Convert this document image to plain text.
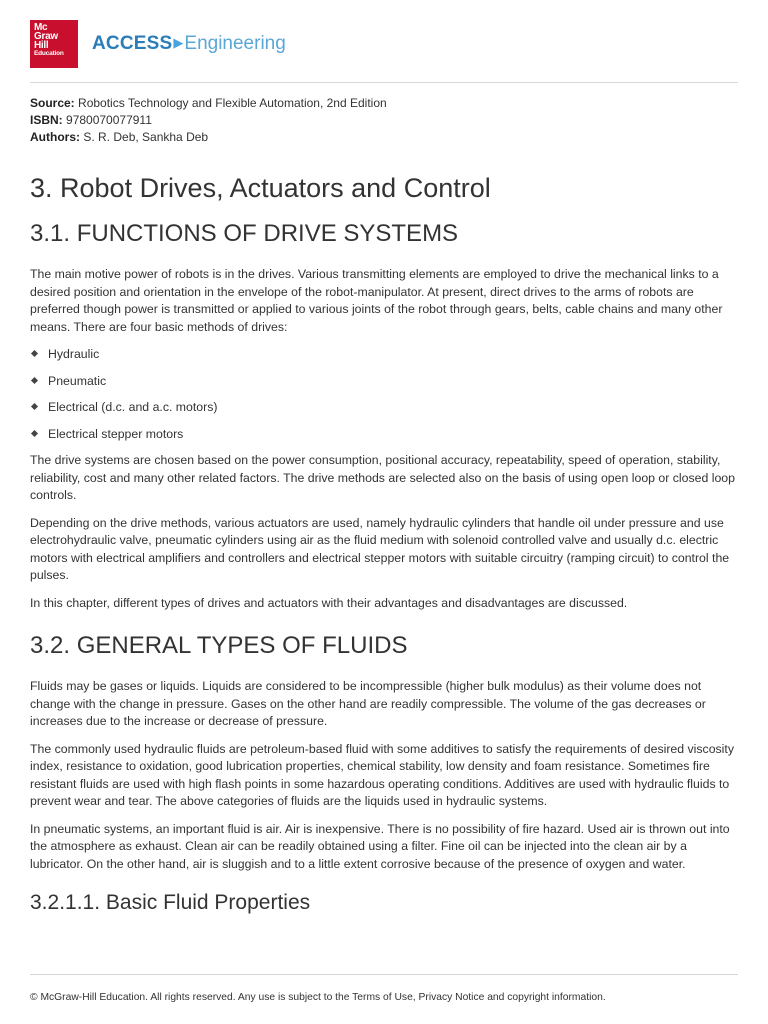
Mc
Graw
Hill
Education	ACCESS▶Engineering
Source: Robotics Technology and Flexible Automation, 2nd Edition
ISBN: 9780070077911
Authors: S. R. Deb, Sankha Deb
3. Robot Drives, Actuators and Control
3.1. FUNCTIONS OF DRIVE SYSTEMS

The main motive power of robots is in the drives. Various transmitting elements are employed to drive the mechanical links to a desired position and orientation in the envelope of the robot-manipulator. At present, direct drives to the arms of robots are preferred though power is transmitted or applied to various joints of the robot through gears, belts, cable chains and many other means. There are four basic methods of drives:

Hydraulic
Pneumatic
Electrical (d.c. and a.c. motors)
Electrical stepper motors

The drive systems are chosen based on the power consumption, positional accuracy, repeatability, speed of operation, stability, reliability, cost and many other related factors. The drive methods are selected also on the basis of using open loop or closed loop controls.

Depending on the drive methods, various actuators are used, namely hydraulic cylinders that handle oil under pressure and use electrohydraulic valve, pneumatic cylinders using air as the fluid medium with solenoid controlled valve and usually d.c. electric motors with electrical amplifiers and controllers and electrical stepper motors with suitable circuitry (ramping circuit) to control the pulses.

In this chapter, different types of drives and actuators with their advantages and disadvantages are discussed.

3.2. GENERAL TYPES OF FLUIDS

Fluids may be gases or liquids. Liquids are considered to be incompressible (higher bulk modulus) as their volume does not change with the change in pressure. Gases on the other hand are readily compressible. The volume of the gas decreases or increases due to the increase or decrease of pressure.

The commonly used hydraulic fluids are petroleum-based fluid with some additives to satisfy the requirements of desired viscosity index, resistance to oxidation, good lubrication properties, chemical stability, low density and foam resistance. Sometimes fire resistant fluids are used with high flash points in some hazardous operating conditions. Additives are used with hydraulic fluids to prevent wear and tear. The above categories of fluids are the liquids used in hydraulic systems.

In pneumatic systems, an important fluid is air. Air is inexpensive. There is no possibility of fire hazard. Used air is thrown out into the atmosphere as exhaust. Clean air can be readily obtained using a filter. Fine oil can be injected into the clean air by a lubricator. On the other hand, air is sluggish and to a little extent corrosive because of the presence of oxygen and water.

3.2.1.1. Basic Fluid Properties
© McGraw-Hill Education. All rights reserved. Any use is subject to the Terms of Use, Privacy Notice and copyright information.
